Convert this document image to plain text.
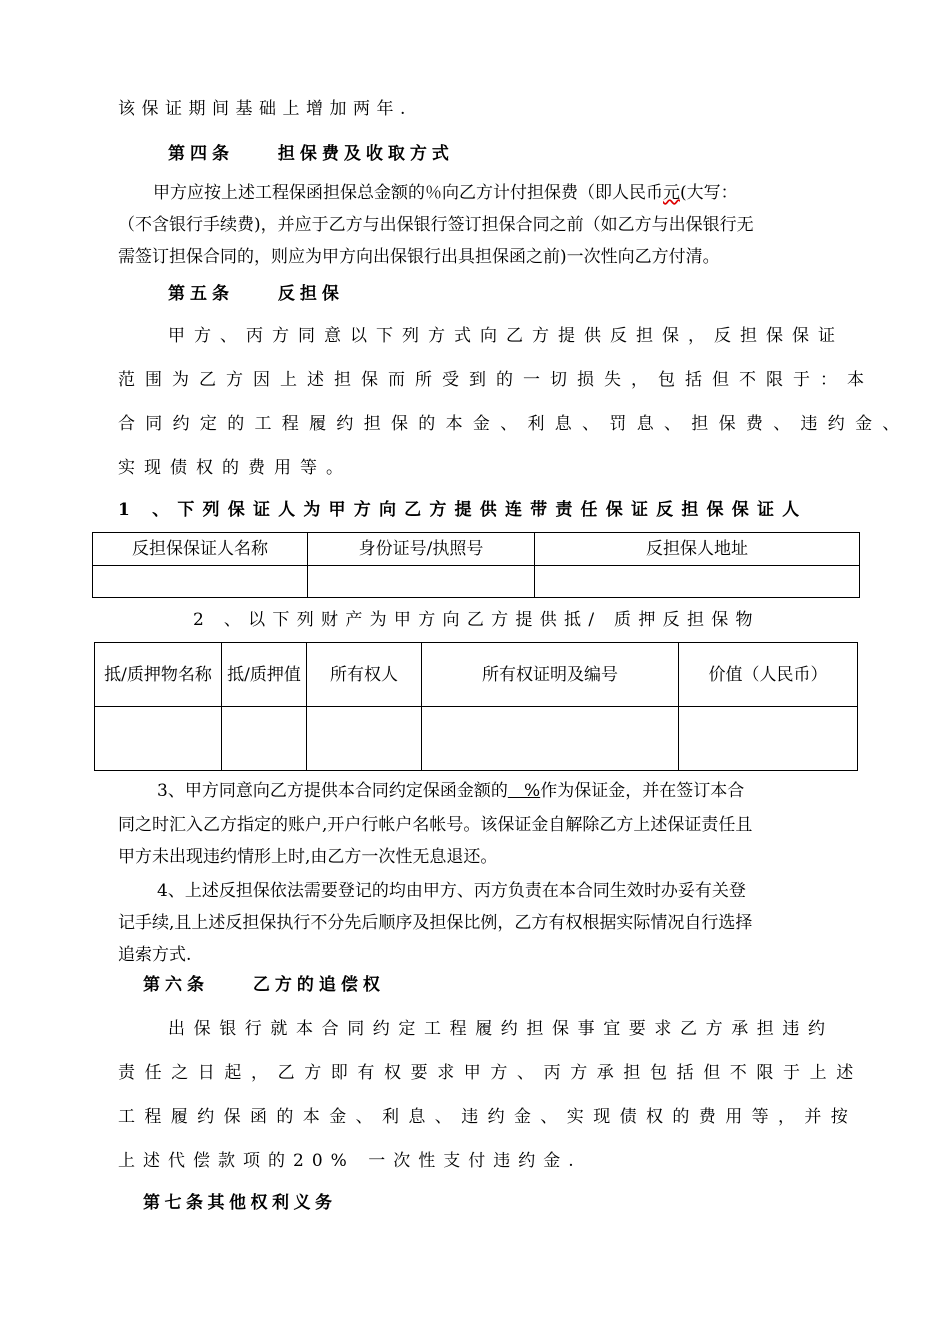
该保证期间基础上增加两年.
第四条	担保费及收取方式
甲方应按上述工程保函担保总金额的％向乙方计付担保费（即人民币元(大写：
（不含银行手续费)，并应于乙方与出保银行签订担保合同之前（如乙方与出保银行无
需签订担保合同的，则应为甲方向出保银行出具担保函之前)一次性向乙方付清。
第五条	反担保
甲方、丙方同意以下列方式向乙方提供反担保，反担保保证
范围为乙方因上述担保而所受到的一切损失，包括但不限于：本
合同约定的工程履约担保的本金、利息、罚息、担保费、违约金、
实现债权的费用等。
1 、下列保证人为甲方向乙方提供连带责任保证反担保保证人
反担保保证人名称	身份证号/执照号	反担保人地址

2 、以下列财产为甲方向乙方提供抵/ 质押反担保物
抵/质押物名称	抵/质押值	所有权人	所有权证明及编号	价值（人民币）

3、甲方同意向乙方提供本合同约定保函金额的   %作为保证金，并在签订本合
同之时汇入乙方指定的账户,开户行帐户名帐号。该保证金自解除乙方上述保证责任且
甲方未出现违约情形上时,由乙方一次性无息退还。
4、上述反担保依法需要登记的均由甲方、丙方负责在本合同生效时办妥有关登
记手续,且上述反担保执行不分先后顺序及担保比例，乙方有权根据实际情况自行选择
追索方式.
第六条	乙方的追偿权
出保银行就本合同约定工程履约担保事宜要求乙方承担违约
责任之日起，乙方即有权要求甲方、丙方承担包括但不限于上述
工程履约保函的本金、利息、违约金、实现债权的费用等，并按
上述代偿款项的20% 一次性支付违约金.
第七条其他权利义务
